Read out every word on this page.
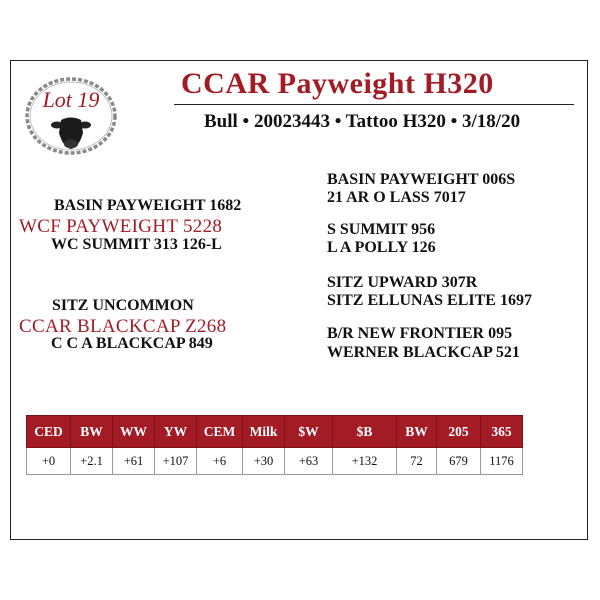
Lot 19	CCAR Payweight H320
Bull • 20023443 • Tattoo H320 • 3/18/20
BASIN PAYWEIGHT 1682
WCF PAYWEIGHT 5228
WC SUMMIT 313 126-L
SITZ UNCOMMON
CCAR BLACKCAP Z268
C C A BLACKCAP 849
BASIN PAYWEIGHT 006S
21 AR O LASS 7017
S SUMMIT 956
L A POLLY 126
SITZ UPWARD 307R
SITZ ELLUNAS ELITE 1697
B/R NEW FRONTIER 095
WERNER BLACKCAP 521
CED	BW	WW	YW	CEM	Milk	$W	$B	BW	205	365
+0	+2.1	+61	+107	+6	+30	+63	+132	72	679	1176
